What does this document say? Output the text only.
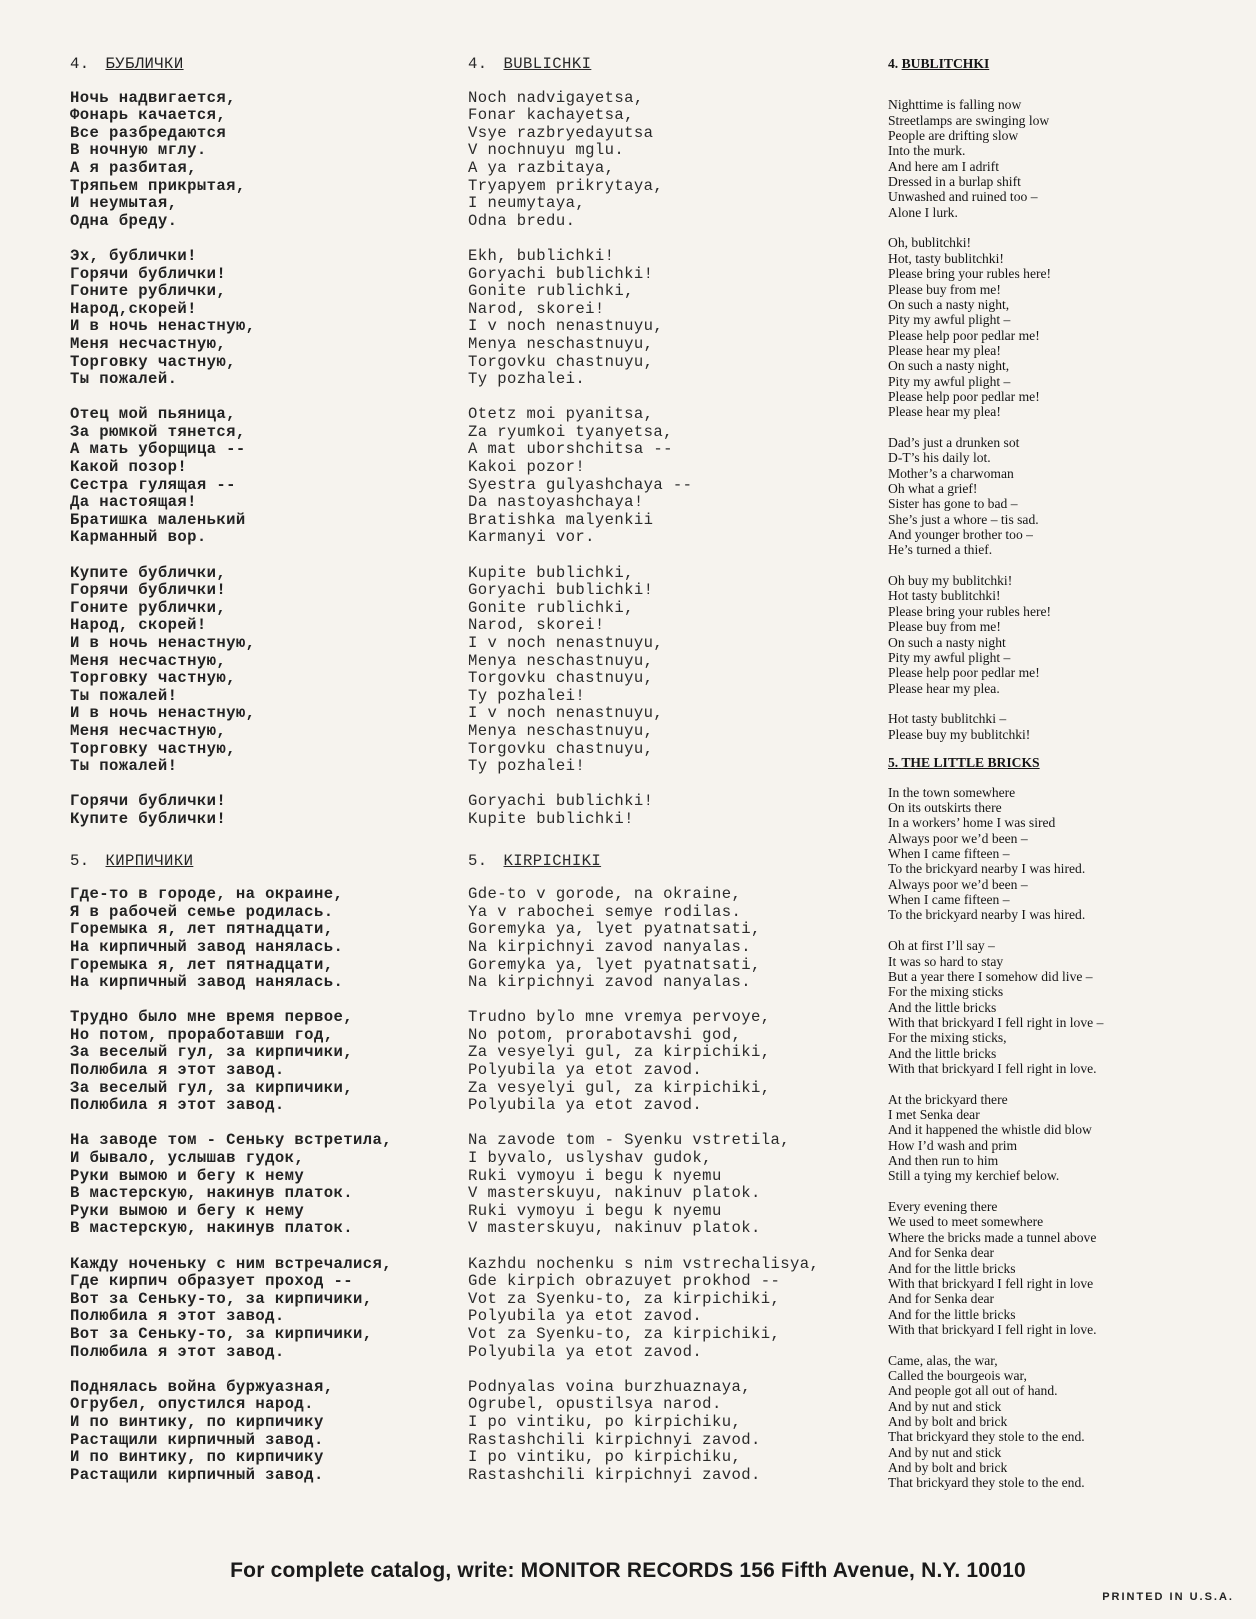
4. БУБЛИЧКИ
Ночь надвигается,
Фонарь качается,
Все разбредаются
В ночную мглу.
А я разбитая,
Тряпьем прикрытая,
И неумытая,
Одна бреду.
Эх, бублички!
Горячи бублички!
Гоните рублички,
Народ,скорей!
И в ночь ненастную,
Меня несчастную,
Торговку частную,
Ты пожалей.
Отец мой пьяница,
За рюмкой тянется,
А мать уборщица --
Какой позор!
Сестра гулящая --
Да настоящая!
Братишка маленький
Карманный вор.
Купите бублички,
Горячи бублички!
Гоните рублички,
Народ, скорей!
И в ночь ненастную,
Меня несчастную,
Торговку частную,
Ты пожалей!
И в ночь ненастную,
Меня несчастную,
Торговку частную,
Ты пожалей!
Горячи бублички!
Купите бублички!
5. КИРПИЧИКИ
Где-то в городе, на окраине,
Я в рабочей семье родилась.
Горемыка я, лет пятнадцати,
На кирпичный завод нанялась.
Горемыка я, лет пятнадцати,
На кирпичный завод нанялась.
Трудно было мне время первое,
Но потом, проработавши год,
За веселый гул, за кирпичики,
Полюбила я этот завод.
За веселый гул, за кирпичики,
Полюбила я этот завод.
На заводе том - Сеньку встретила,
И бывало, услышав гудок,
Руки вымою и бегу к нему
В мастерскую, накинув платок.
Руки вымою и бегу к нему
В мастерскую, накинув платок.
Кажду ноченьку с ним встречалися,
Где кирпич образует проход --
Вот за Сеньку-то, за кирпичики,
Полюбила я этот завод.
Вот за Сеньку-то, за кирпичики,
Полюбила я этот завод.
Поднялась война буржуазная,
Огрубел, опустился народ.
И по винтику, по кирпичику
Растащили кирпичный завод.
И по винтику, по кирпичику
Растащили кирпичный завод.
4. BUBLICHKI
Noch nadvigayetsa,
Fonar kachayetsa,
Vsye razbryedayutsa
V nochnuyu mglu.
A ya razbitaya,
Tryapyem prikrytaya,
I neumytaya,
Odna bredu.
Ekh, bublichki!
Goryachi bublichki!
Gonite rublichki,
Narod, skorei!
I v noch nenastnuyu,
Menya neschastnuyu,
Torgovku chastnuyu,
Ty pozhalei.
Otetz moi pyanitsa,
Za ryumkoi tyanyetsa,
A mat uborshchitsa --
Kakoi pozor!
Syestra gulyashchaya --
Da nastoyashchaya!
Bratishka malyenkii
Karmanyi vor.
Kupite bublichki,
Goryachi bublichki!
Gonite rublichki,
Narod, skorei!
I v noch nenastnuyu,
Menya neschastnuyu,
Torgovku chastnuyu,
Ty pozhalei!
I v noch nenastnuyu,
Menya neschastnuyu,
Torgovku chastnuyu,
Ty pozhalei!
Goryachi bublichki!
Kupite bublichki!
5. KIRPICHIKI
Gde-to v gorode, na okraine,
Ya v rabochei semye rodilas.
Goremyka ya, lyet pyatnatsati,
Na kirpichnyi zavod nanyalas.
Goremyka ya, lyet pyatnatsati,
Na kirpichnyi zavod nanyalas.
Trudno bylo mne vremya pervoye,
No potom, prorabotavshi god,
Za vesyelyi gul, za kirpichiki,
Polyubila ya etot zavod.
Za vesyelyi gul, za kirpichiki,
Polyubila ya etot zavod.
Na zavode tom - Syenku vstretila,
I byvalo, uslyshav gudok,
Ruki vymoyu i begu k nyemu
V masterskuyu, nakinuv platok.
Ruki vymoyu i begu k nyemu
V masterskuyu, nakinuv platok.
Kazhdu nochenku s nim vstrechalisya,
Gde kirpich obrazuyet prokhod --
Vot za Syenku-to, za kirpichiki,
Polyubila ya etot zavod.
Vot za Syenku-to, za kirpichiki,
Polyubila ya etot zavod.
Podnyalas voina burzhuaznaya,
Ogrubel, opustilsya narod.
I po vintiku, po kirpichiku,
Rastashchili kirpichnyi zavod.
I po vintiku, po kirpichiku,
Rastashchili kirpichnyi zavod.
4. BUBLITCHKI
Nighttime is falling now
Streetlamps are swinging low
People are drifting slow
Into the murk.
And here am I adrift
Dressed in a burlap shift
Unwashed and ruined too –
Alone I lurk.
Oh, bublitchki!
Hot, tasty bublitchki!
Please bring your rubles here!
Please buy from me!
On such a nasty night,
Pity my awful plight –
Please help poor pedlar me!
Please hear my plea!
On such a nasty night,
Pity my awful plight –
Please help poor pedlar me!
Please hear my plea!
Dad’s just a drunken sot
D-T’s his daily lot.
Mother’s a charwoman
Oh what a grief!
Sister has gone to bad –
She’s just a whore – tis sad.
And younger brother too –
He’s turned a thief.
Oh buy my bublitchki!
Hot tasty bublitchki!
Please bring your rubles here!
Please buy from me!
On such a nasty night
Pity my awful plight –
Please help poor pedlar me!
Please hear my plea.
Hot tasty bublitchki –
Please buy my bublitchki!
5. THE LITTLE BRICKS
In the town somewhere
On its outskirts there
In a workers’ home I was sired
Always poor we’d been –
When I came fifteen –
To the brickyard nearby I was hired.
Always poor we’d been –
When I came fifteen –
To the brickyard nearby I was hired.
Oh at first I’ll say –
It was so hard to stay
But a year there I somehow did live –
For the mixing sticks
And the little bricks
With that brickyard I fell right in love –
For the mixing sticks,
And the little bricks
With that brickyard I fell right in love.
At the brickyard there
I met Senka dear
And it happened the whistle did blow
How I’d wash and prim
And then run to him
Still a tying my kerchief below.
Every evening there
We used to meet somewhere
Where the bricks made a tunnel above
And for Senka dear
And for the little bricks
With that brickyard I fell right in love
And for Senka dear
And for the little bricks
With that brickyard I fell right in love.
Came, alas, the war,
Called the bourgeois war,
And people got all out of hand.
And by nut and stick
And by bolt and brick
That brickyard they stole to the end.
And by nut and stick
And by bolt and brick
That brickyard they stole to the end.
For complete catalog, write: MONITOR RECORDS 156 Fifth Avenue, N.Y. 10010
PRINTED IN U.S.A.
